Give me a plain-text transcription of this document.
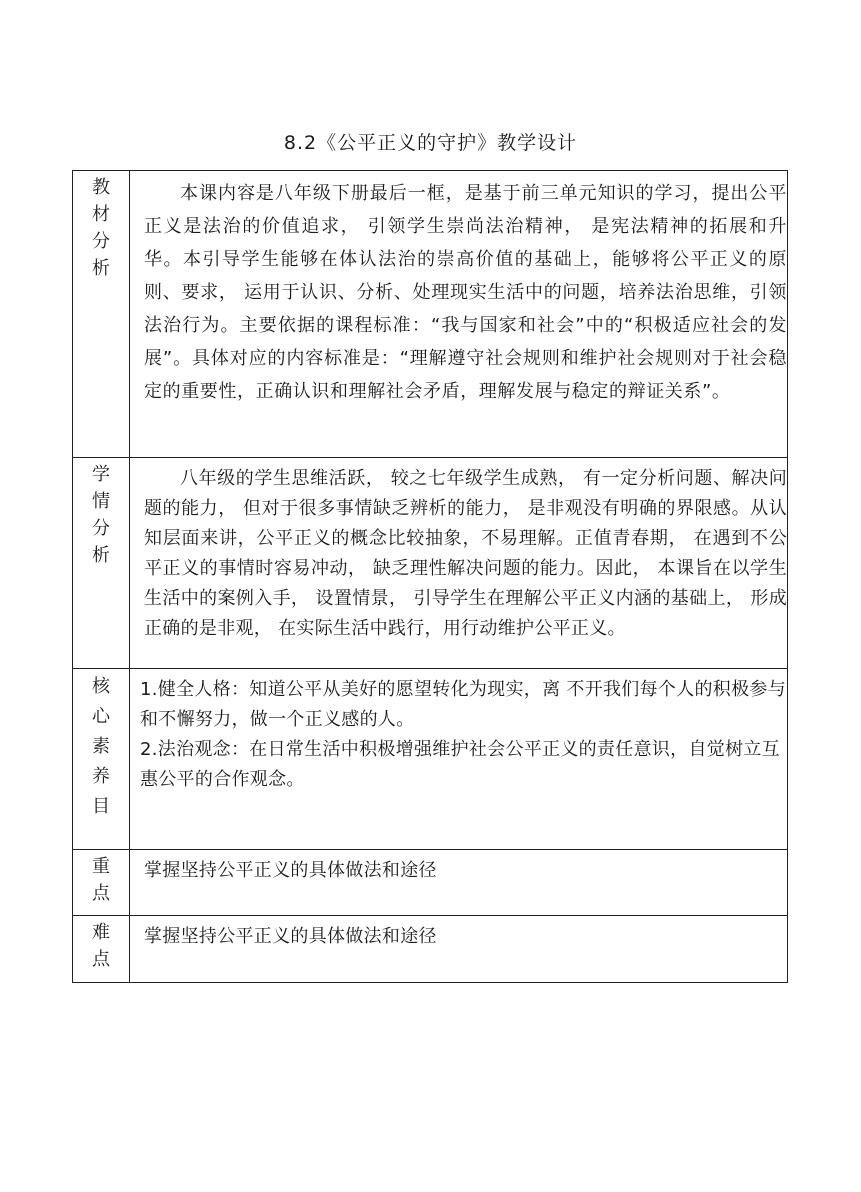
8.2《公平正义的守护》教学设计
教材分析	本课内容是八年级下册最后一框，是基于前三单元知识的学习，提出公平正义是法治的价值追求， 引领学生崇尚法治精神， 是宪法精神的拓展和升华。本引导学生能够在体认法治的崇高价值的基础上，能够将公平正义的原则、要求， 运用于认识、分析、处理现实生活中的问题，培养法治思维，引领法治行为。主要依据的课程标准：“我与国家和社会”中的“积极适应社会的发展”。具体对应的内容标准是：“理解遵守社会规则和维护社会规则对于社会稳定的重要性，正确认识和理解社会矛盾，理解发展与稳定的辩证关系”。

学情分析	八年级的学生思维活跃， 较之七年级学生成熟， 有一定分析问题、解决问题的能力， 但对于很多事情缺乏辨析的能力， 是非观没有明确的界限感。从认知层面来讲，公平正义的概念比较抽象，不易理解。正值青春期， 在遇到不公平正义的事情时容易冲动， 缺乏理性解决问题的能力。因此， 本课旨在以学生生活中的案例入手， 设置情景， 引导学生在理解公平正义内涵的基础上， 形成正确的是非观， 在实际生活中践行，用行动维护公平正义。

核心素养目	1.健全人格：知道公平从美好的愿望转化为现实，离 不开我们每个人的积极参与和不懈努力，做一个正义感的人。

2.法治观念：在日常生活中积极增强维护社会公平正义的责任意识，自觉树立互惠公平的合作观念。

重点	掌握坚持公平正义的具体做法和途径

难点	掌握坚持公平正义的具体做法和途径
